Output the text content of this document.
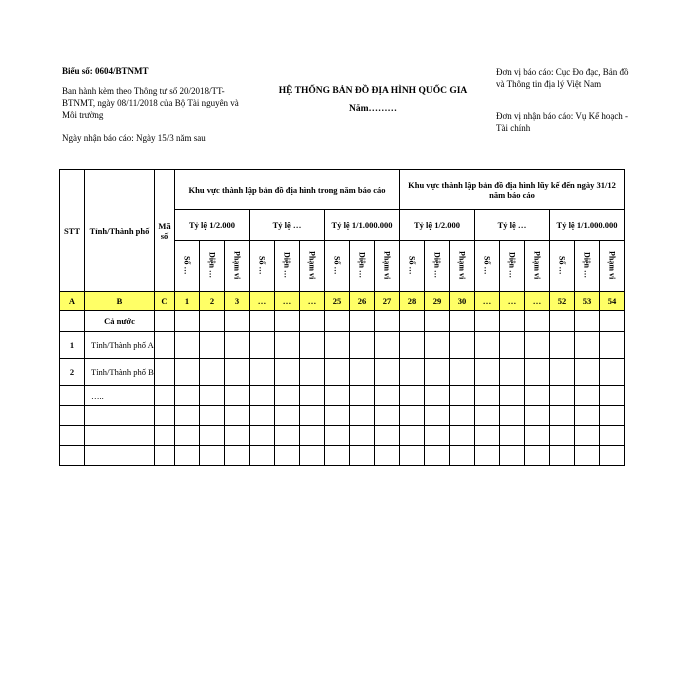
Biểu số: 0604/BTNMT
Ban hành kèm theo Thông tư số 20/2018/TT-BTNMT, ngày 08/11/2018 của Bộ Tài nguyên và Môi trường
Ngày nhận báo cáo: Ngày 15/3 năm sau
HỆ THỐNG BẢN ĐỒ ĐỊA HÌNH QUỐC GIA
Năm………
Đơn vị báo cáo: Cục Đo đạc, Bản đồ và Thông tin địa lý Việt Nam
Đơn vị nhận báo cáo: Vụ Kế hoạch - Tài chính
STT	Tỉnh/Thành phố	Mã số	Khu vực thành lập bản đồ địa hình trong năm báo cáo									Khu vực thành lập bản đồ địa hình lũy kế đến ngày 31/12 năm báo cáo								
			Tỷ lệ 1/2.000			Tỷ lệ …			Tỷ lệ 1/1.000.000			Tỷ lệ 1/2.000			Tỷ lệ …			Tỷ lệ 1/1.000.000		
			Số …	Diện …	Phạm vi	Số …	Diện …	Phạm vi	Số …	Diện …	Phạm vi	Số …	Diện …	Phạm vi	Số …	Diện …	Phạm vi	Số …	Diện …	Phạm vi
A	B	C	1	2	3	…	…	…	25	26	27	28	29	30	…	…	…	52	53	54
	Cả nước																			
1	Tỉnh/Thành phố A																			
2	Tỉnh/Thành phố B																			
	…..																			
